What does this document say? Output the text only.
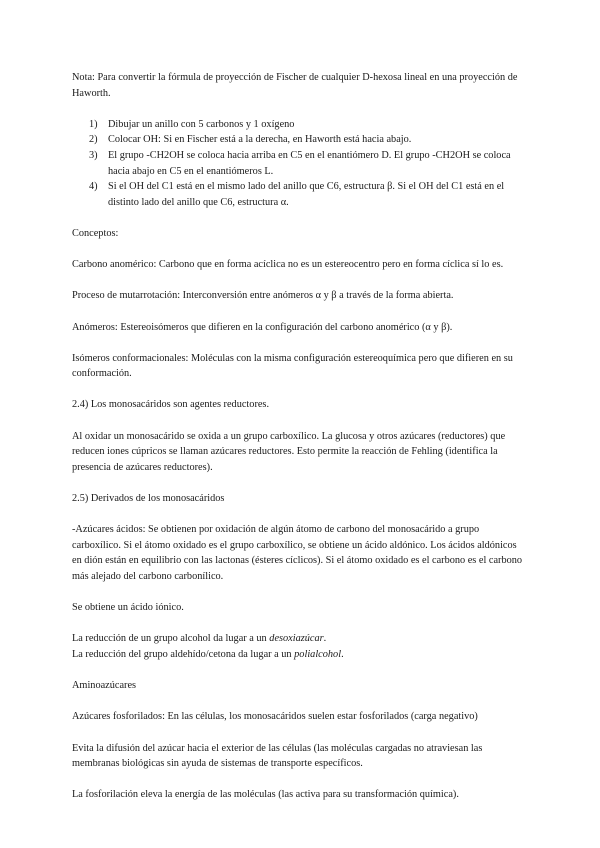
Nota: Para convertir la fórmula de proyección de Fischer de cualquier D-hexosa lineal en una proyección de Haworth.

1) Dibujar un anillo con 5 carbonos y 1 oxígeno
2) Colocar OH: Si en Fischer está a la derecha, en Haworth está hacia abajo.
3) El grupo -CH2OH se coloca hacia arriba en C5 en el enantiómero D. El grupo -CH2OH se coloca hacia abajo en C5 en el enantiómeros L.
4) Si el OH del C1 está en el mismo lado del anillo que C6, estructura β. Si el OH del C1 está en el distinto lado del anillo que C6, estructura α.

Conceptos:

Carbono anomérico: Carbono que en forma acíclica no es un estereocentro pero en forma cíclica sí lo es.

Proceso de mutarrotación: Interconversión entre anómeros α y β a través de la forma abierta.

Anómeros: Estereoisómeros que difieren en la configuración del carbono anomérico (α y β).

Isómeros conformacionales: Moléculas con la misma configuración estereoquímica pero que difieren en su conformación.

2.4) Los monosacáridos son agentes reductores.

Al oxidar un monosacárido se oxida a un grupo carboxílico. La glucosa y otros azúcares (reductores) que reducen iones cúpricos se llaman azúcares reductores. Esto permite la reacción de Fehling (identifica la presencia de azúcares reductores).

2.5) Derivados de los monosacáridos

-Azúcares ácidos: Se obtienen por oxidación de algún átomo de carbono del monosacárido a grupo carboxílico. Si el átomo oxidado es el grupo carboxílico, se obtiene un ácido aldónico. Los ácidos aldónicos en dión están en equilibrio con las lactonas (ésteres cíclicos). Si el átomo oxidado es el carbono es el carbono más alejado del carbono carbonílico.

Se obtiene un ácido iónico.

La reducción de un grupo alcohol da lugar a un desoxiazúcar.

La reducción del grupo aldehído/cetona da lugar a un polialcohol.

Aminoazúcares

Azúcares fosforilados: En las células, los monosacáridos suelen estar fosforilados (carga negativo)

Evita la difusión del azúcar hacia el exterior de las células (las moléculas cargadas no atraviesan las membranas biológicas sin ayuda de sistemas de transporte específicos.

La fosforilación eleva la energía de las moléculas (las activa para su transformación química).
